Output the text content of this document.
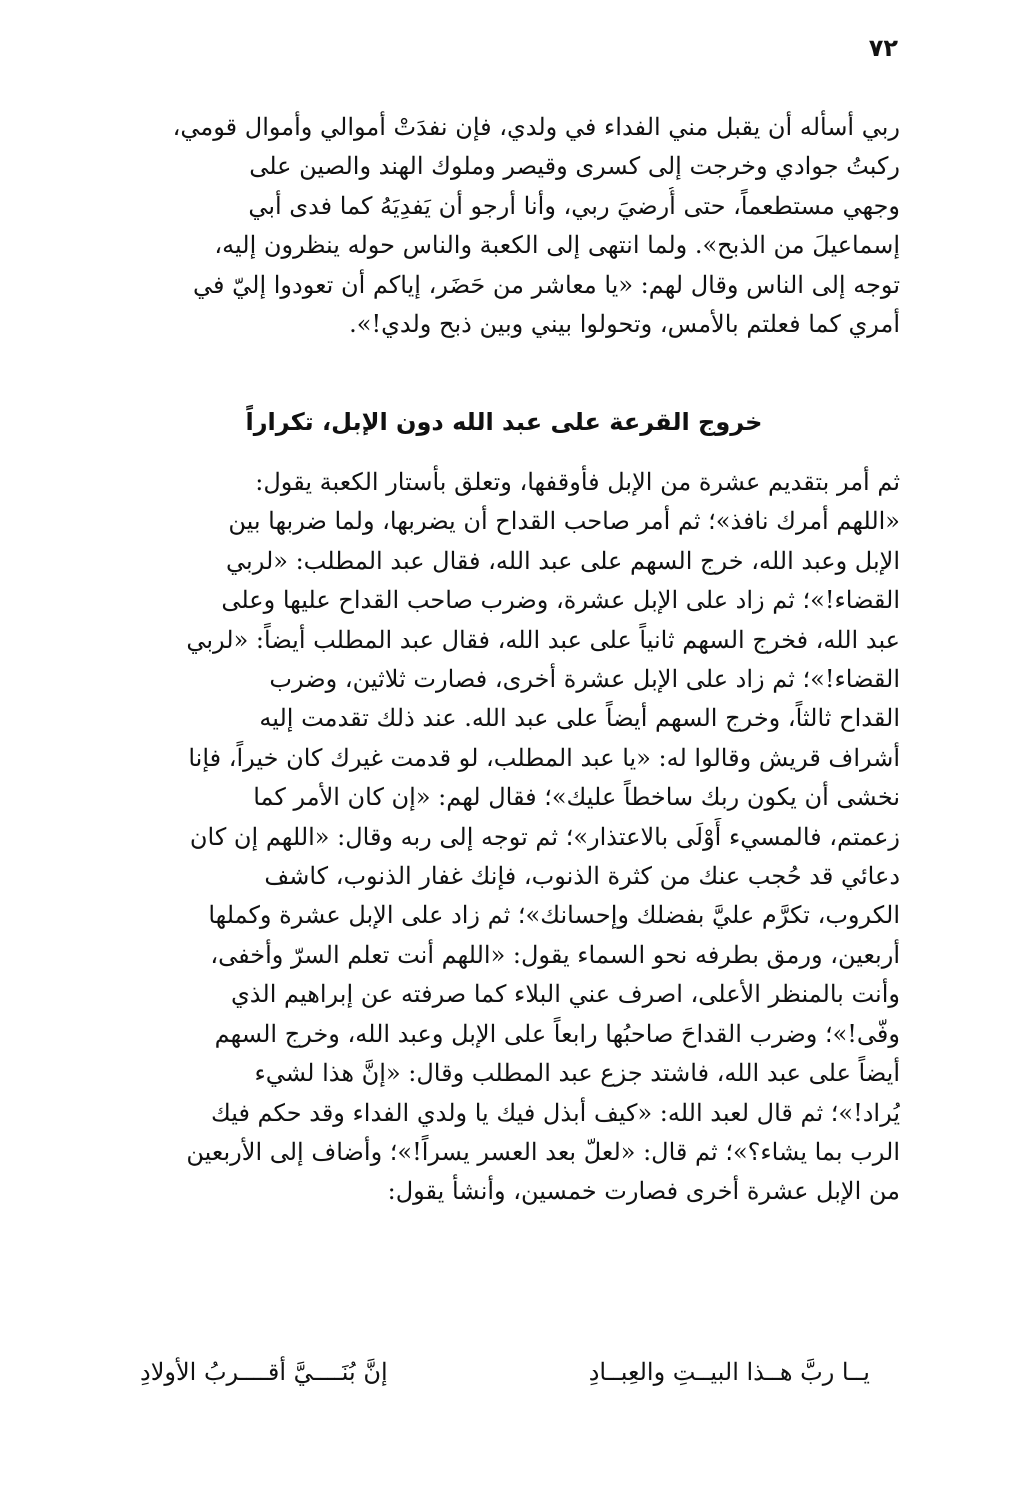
٧٢
ربي أسأله أن يقبل مني الفداء في ولدي، فإن نفدَتْ أموالي وأموال قومي،
ركبتُ جوادي وخرجت إلى كسرى وقيصر وملوك الهند والصين على
وجهي مستطعماً، حتى أُرضيَ ربي، وأنا أرجو أن يَفدِيَهُ كما فدى أبي
إسماعيلَ من الذبح». ولما انتهى إلى الكعبة والناس حوله ينظرون إليه،
توجه إلى الناس وقال لهم: «يا معاشر من حَضَر، إياكم أن تعودوا إليّ في
أمري كما فعلتم بالأمس، وتحولوا بيني وبين ذبح ولدي!».
خروج القرعة على عبد الله دون الإبل، تكراراً
ثم أمر بتقديم عشرة من الإبل فأوقفها، وتعلق بأستار الكعبة يقول:
«اللهم أمرك نافذ»؛ ثم أمر صاحب القداح أن يضربها، ولما ضربها بين
الإبل وعبد الله، خرج السهم على عبد الله، فقال عبد المطلب: «لربي
القضاء!»؛ ثم زاد على الإبل عشرة، وضرب صاحب القداح عليها وعلى
عبد الله، فخرج السهم ثانياً على عبد الله، فقال عبد المطلب أيضاً: «لربي
القضاء!»؛ ثم زاد على الإبل عشرة أخرى، فصارت ثلاثين، وضرب
القداح ثالثاً، وخرج السهم أيضاً على عبد الله. عند ذلك تقدمت إليه
أشراف قريش وقالوا له: «يا عبد المطلب، لو قدمت غيرك كان خيراً، فإنا
نخشى أن يكون ربك ساخطاً عليك»؛ فقال لهم: «إن كان الأمر كما
زعمتم، فالمسيء أَوْلَى بالاعتذار»؛ ثم توجه إلى ربه وقال: «اللهم إن كان
دعائي قد حُجب عنك من كثرة الذنوب، فإنك غفار الذنوب، كاشف
الكروب، تكرَّم عليَّ بفضلك وإحسانك»؛ ثم زاد على الإبل عشرة وكملها
أربعين، ورمق بطرفه نحو السماء يقول: «اللهم أنت تعلم السرّ وأخفى،
وأنت بالمنظر الأعلى، اصرف عني البلاء كما صرفته عن إبراهيم الذي
وفّى!»؛ وضرب القداحَ صاحبُها رابعاً على الإبل وعبد الله، وخرج السهم
أيضاً على عبد الله، فاشتد جزع عبد المطلب وقال: «إنَّ هذا لشيء
يُراد!»؛ ثم قال لعبد الله: «كيف أبذل فيك يا ولدي الفداء وقد حكم فيك
الرب بما يشاء؟»؛ ثم قال: «لعلّ بعد العسر يسراً!»؛ وأضاف إلى الأربعين
من الإبل عشرة أخرى فصارت خمسين، وأنشأ يقول:
يــا ربَّ هــذا البيــتِ والعِبــادِ
إنَّ بُنَــــيَّ أقــــربُ الأولادِ
